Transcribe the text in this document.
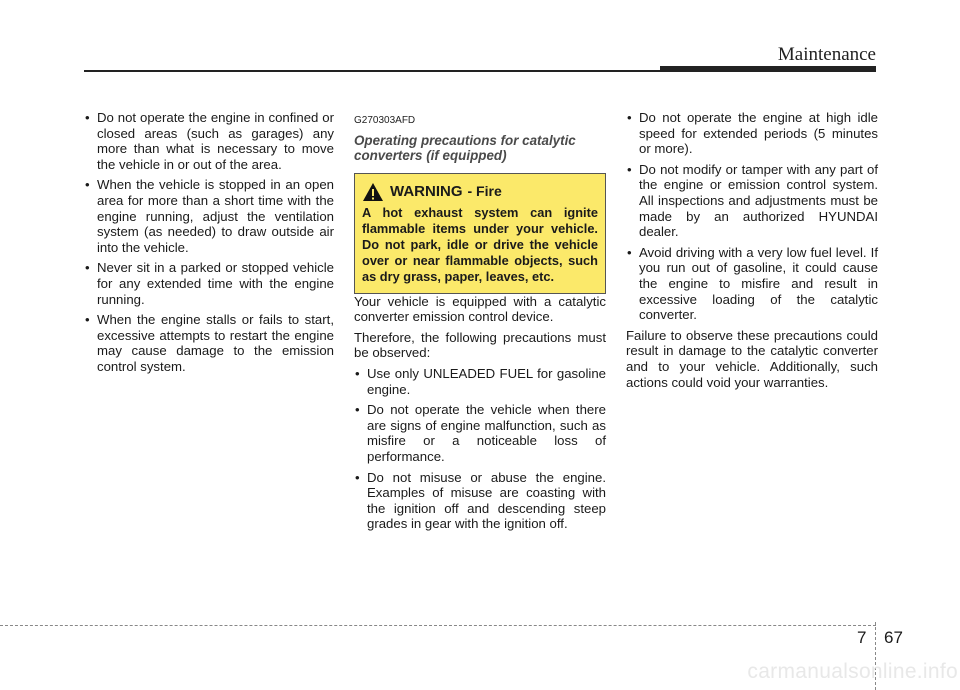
Maintenance
• Do not operate the engine in confined or closed areas (such as garages) any more than what is necessary to move the vehicle in or out of the area.
• When the vehicle is stopped in an open area for more than a short time with the engine running, adjust the ventilation system (as needed) to draw outside air into the vehicle.
• Never sit in a parked or stopped vehicle for any extended time with the engine running.
• When the engine stalls or fails to start, excessive attempts to restart the engine may cause damage to the emission control system.
G270303AFD
Operating precautions for catalytic converters (if equipped)
WARNING - Fire
A hot exhaust system can ignite flammable items under your vehicle. Do not park, idle or drive the vehicle over or near flammable objects, such as dry grass, paper, leaves, etc.

Your vehicle is equipped with a catalytic converter emission control device.

Therefore, the following precautions must be observed:

• Use only UNLEADED FUEL for gasoline engine.
• Do not operate the vehicle when there are signs of engine malfunction, such as misfire or a noticeable loss of performance.
• Do not misuse or abuse the engine. Examples of misuse are coasting with the ignition off and descending steep grades in gear with the ignition off.
• Do not operate the engine at high idle speed for extended periods (5 minutes or more).
• Do not modify or tamper with any part of the engine or emission control system. All inspections and adjustments must be made by an authorized HYUNDAI dealer.
• Avoid driving with a very low fuel level. If you run out of gasoline, it could cause the engine to misfire and result in excessive loading of the catalytic converter.

Failure to observe these precautions could result in damage to the catalytic converter and to your vehicle. Additionally, such actions could void your warranties.

7 67
carmanualsonline.info
